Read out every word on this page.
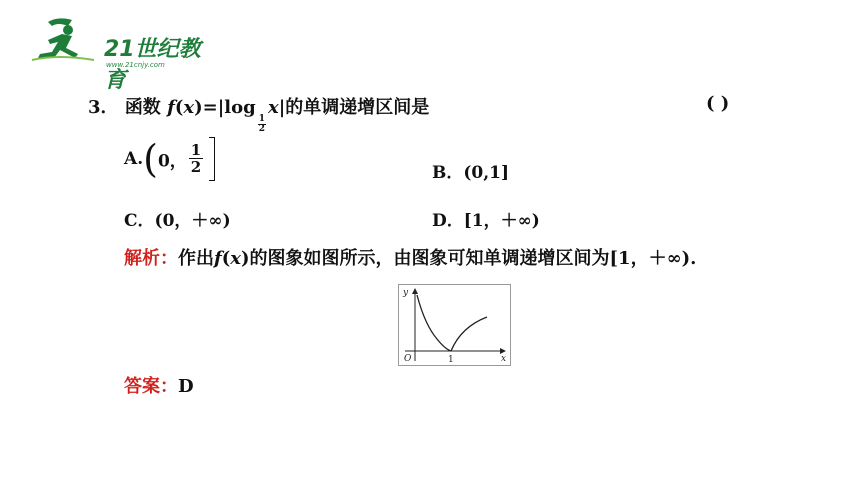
21世纪教育
www.21cnjy.com
3． 函数 f(x)=|log
$\frac{1}{2}$
x|的单调递增区间是	( )
A.(0， $\frac{1}{2}$	B．(0,1]
C．(0，＋∞)	D．[1，＋∞)
解析：作出f(x)的图象如图所示，由图象可知单调递增区间为[1，＋∞).
y
x
O	1
答案：D
